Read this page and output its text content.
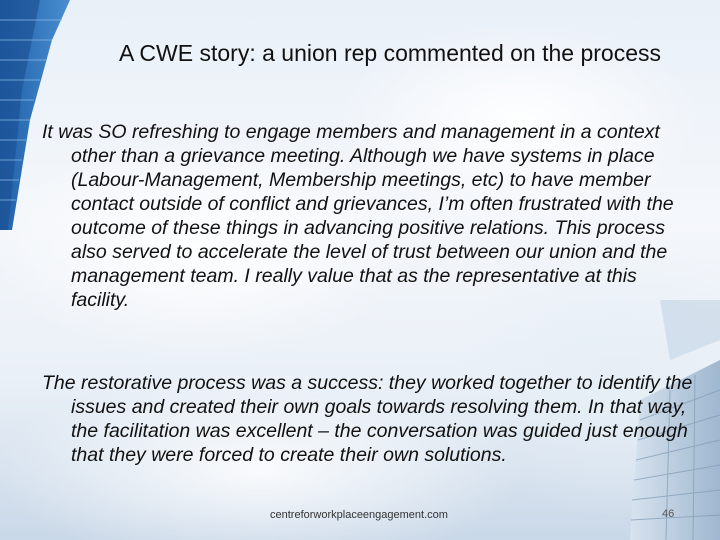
A CWE story: a union rep commented on the process

It was SO refreshing to engage members and management in a context other than a grievance meeting. Although we have systems in place (Labour-Management, Membership meetings, etc) to have member contact outside of conflict and grievances, I’m often frustrated with the outcome of these things in advancing positive relations. This process also served to accelerate the level of trust between our union and the management team. I really value that as the representative at this facility.

The restorative process was a success: they worked together to identify the issues and created their own goals towards resolving them. In that way, the facilitation was excellent – the conversation was guided just enough that they were forced to create their own solutions.

centreforworkplaceengagement.com	46
